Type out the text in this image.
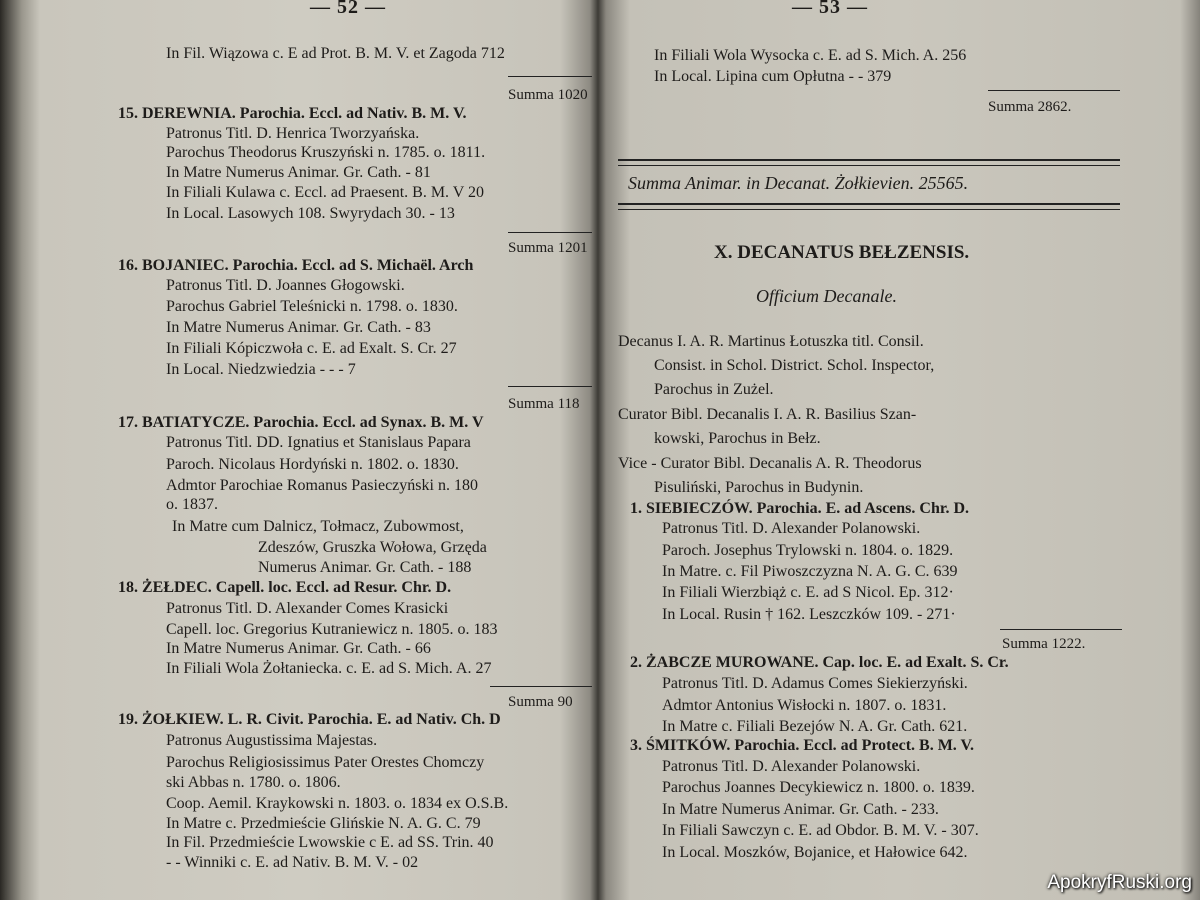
— 52 —
In Fil. Wiązowa c. E ad Prot. B. M. V. et Zagoda 712
Summa 1020
15. DEREWNIA. Parochia. Eccl. ad Nativ. B. M. V.
Patronus Titl. D. Henrica Tworzyańska.
Parochus Theodorus Kruszyński n. 1785. o. 1811.
In Matre Numerus Animar. Gr. Cath. - 81
In Filiali Kulawa c. Eccl. ad Praesent. B. M. V 20
In Local. Lasowych 108. Swyrydach 30. - 13
Summa 1201
16. BOJANIEC. Parochia. Eccl. ad S. Michaël. Arch
Patronus Titl. D. Joannes Głogowski.
Parochus Gabriel Teleśnicki n. 1798. o. 1830.
In Matre Numerus Animar. Gr. Cath. - 83
In Filiali Kópiczwoła c. E. ad Exalt. S. Cr. 27
In Local. Niedzwiedzia - - - 7
Summa 118
17. BATIATYCZE. Parochia. Eccl. ad Synax. B. M. V
Patronus Titl. DD. Ignatius et Stanislaus Papara
Paroch. Nicolaus Hordyński n. 1802. o. 1830.
Admtor Parochiae Romanus Pasieczyński n. 180
o. 1837.
In Matre cum Dalnicz, Tołmacz, Zubowmost,
Zdeszów, Gruszka Wołowa, Grzęda
Numerus Animar. Gr. Cath. - 188
18. ŻEŁDEC. Capell. loc. Eccl. ad Resur. Chr. D.
Patronus Titl. D. Alexander Comes Krasicki
Capell. loc. Gregorius Kutraniewicz n. 1805. o. 183
In Matre Numerus Animar. Gr. Cath. - 66
In Filiali Wola Żołtaniecka. c. E. ad S. Mich. A. 27
Summa 90
19. ŻOŁKIEW. L. R. Civit. Parochia. E. ad Nativ. Ch. D
Patronus Augustissima Majestas.
Parochus Religiosissimus Pater Orestes Chomczy
ski Abbas n. 1780. o. 1806.
Coop. Aemil. Kraykowski n. 1803. o. 1834 ex O.S.B.
In Matre c. Przedmieście Glińskie N. A. G. C. 79
In Fil. Przedmieście Lwowskie c E. ad SS. Trin. 40
- - Winniki c. E. ad Nativ. B. M. V. - 02
— 53 —
In Filiali Wola Wysocka c. E. ad S. Mich. A. 256
In Local. Lipina cum Opłutna - - 379
Summa 2862.
Summa Animar. in Decanat. Żołkievien. 25565.
X. DECANATUS BEŁZENSIS.
Officium Decanale.
Decanus I. A. R. Martinus Łotuszka titl. Consil.
Consist. in Schol. District. Schol. Inspector,
Parochus in Zużel.
Curator Bibl. Decanalis I. A. R. Basilius Szan-
kowski, Parochus in Bełz.
Vice - Curator Bibl. Decanalis A. R. Theodorus
Pisuliński, Parochus in Budynin.
1. SIEBIECZÓW. Parochia. E. ad Ascens. Chr. D.
Patronus Titl. D. Alexander Polanowski.
Paroch. Josephus Trylowski n. 1804. o. 1829.
In Matre. c. Fil Piwoszczyzna N. A. G. C. 639
In Filiali Wierzbiąż c. E. ad S Nicol. Ep. 312·
In Local. Rusin † 162. Leszczków 109. - 271·
Summa 1222.
2. ŻABCZE MUROWANE. Cap. loc. E. ad Exalt. S. Cr.
Patronus Titl. D. Adamus Comes Siekierzyński.
Admtor Antonius Wisłocki n. 1807. o. 1831.
In Matre c. Filiali Bezejów N. A. Gr. Cath. 621.
3. ŚMITKÓW. Parochia. Eccl. ad Protect. B. M. V.
Patronus Titl. D. Alexander Polanowski.
Parochus Joannes Decykiewicz n. 1800. o. 1839.
In Matre Numerus Animar. Gr. Cath. - 233.
In Filiali Sawczyn c. E. ad Obdor. B. M. V. - 307.
In Local. Moszków, Bojanice, et Hałowice 642.
ApokryfRuski.org
